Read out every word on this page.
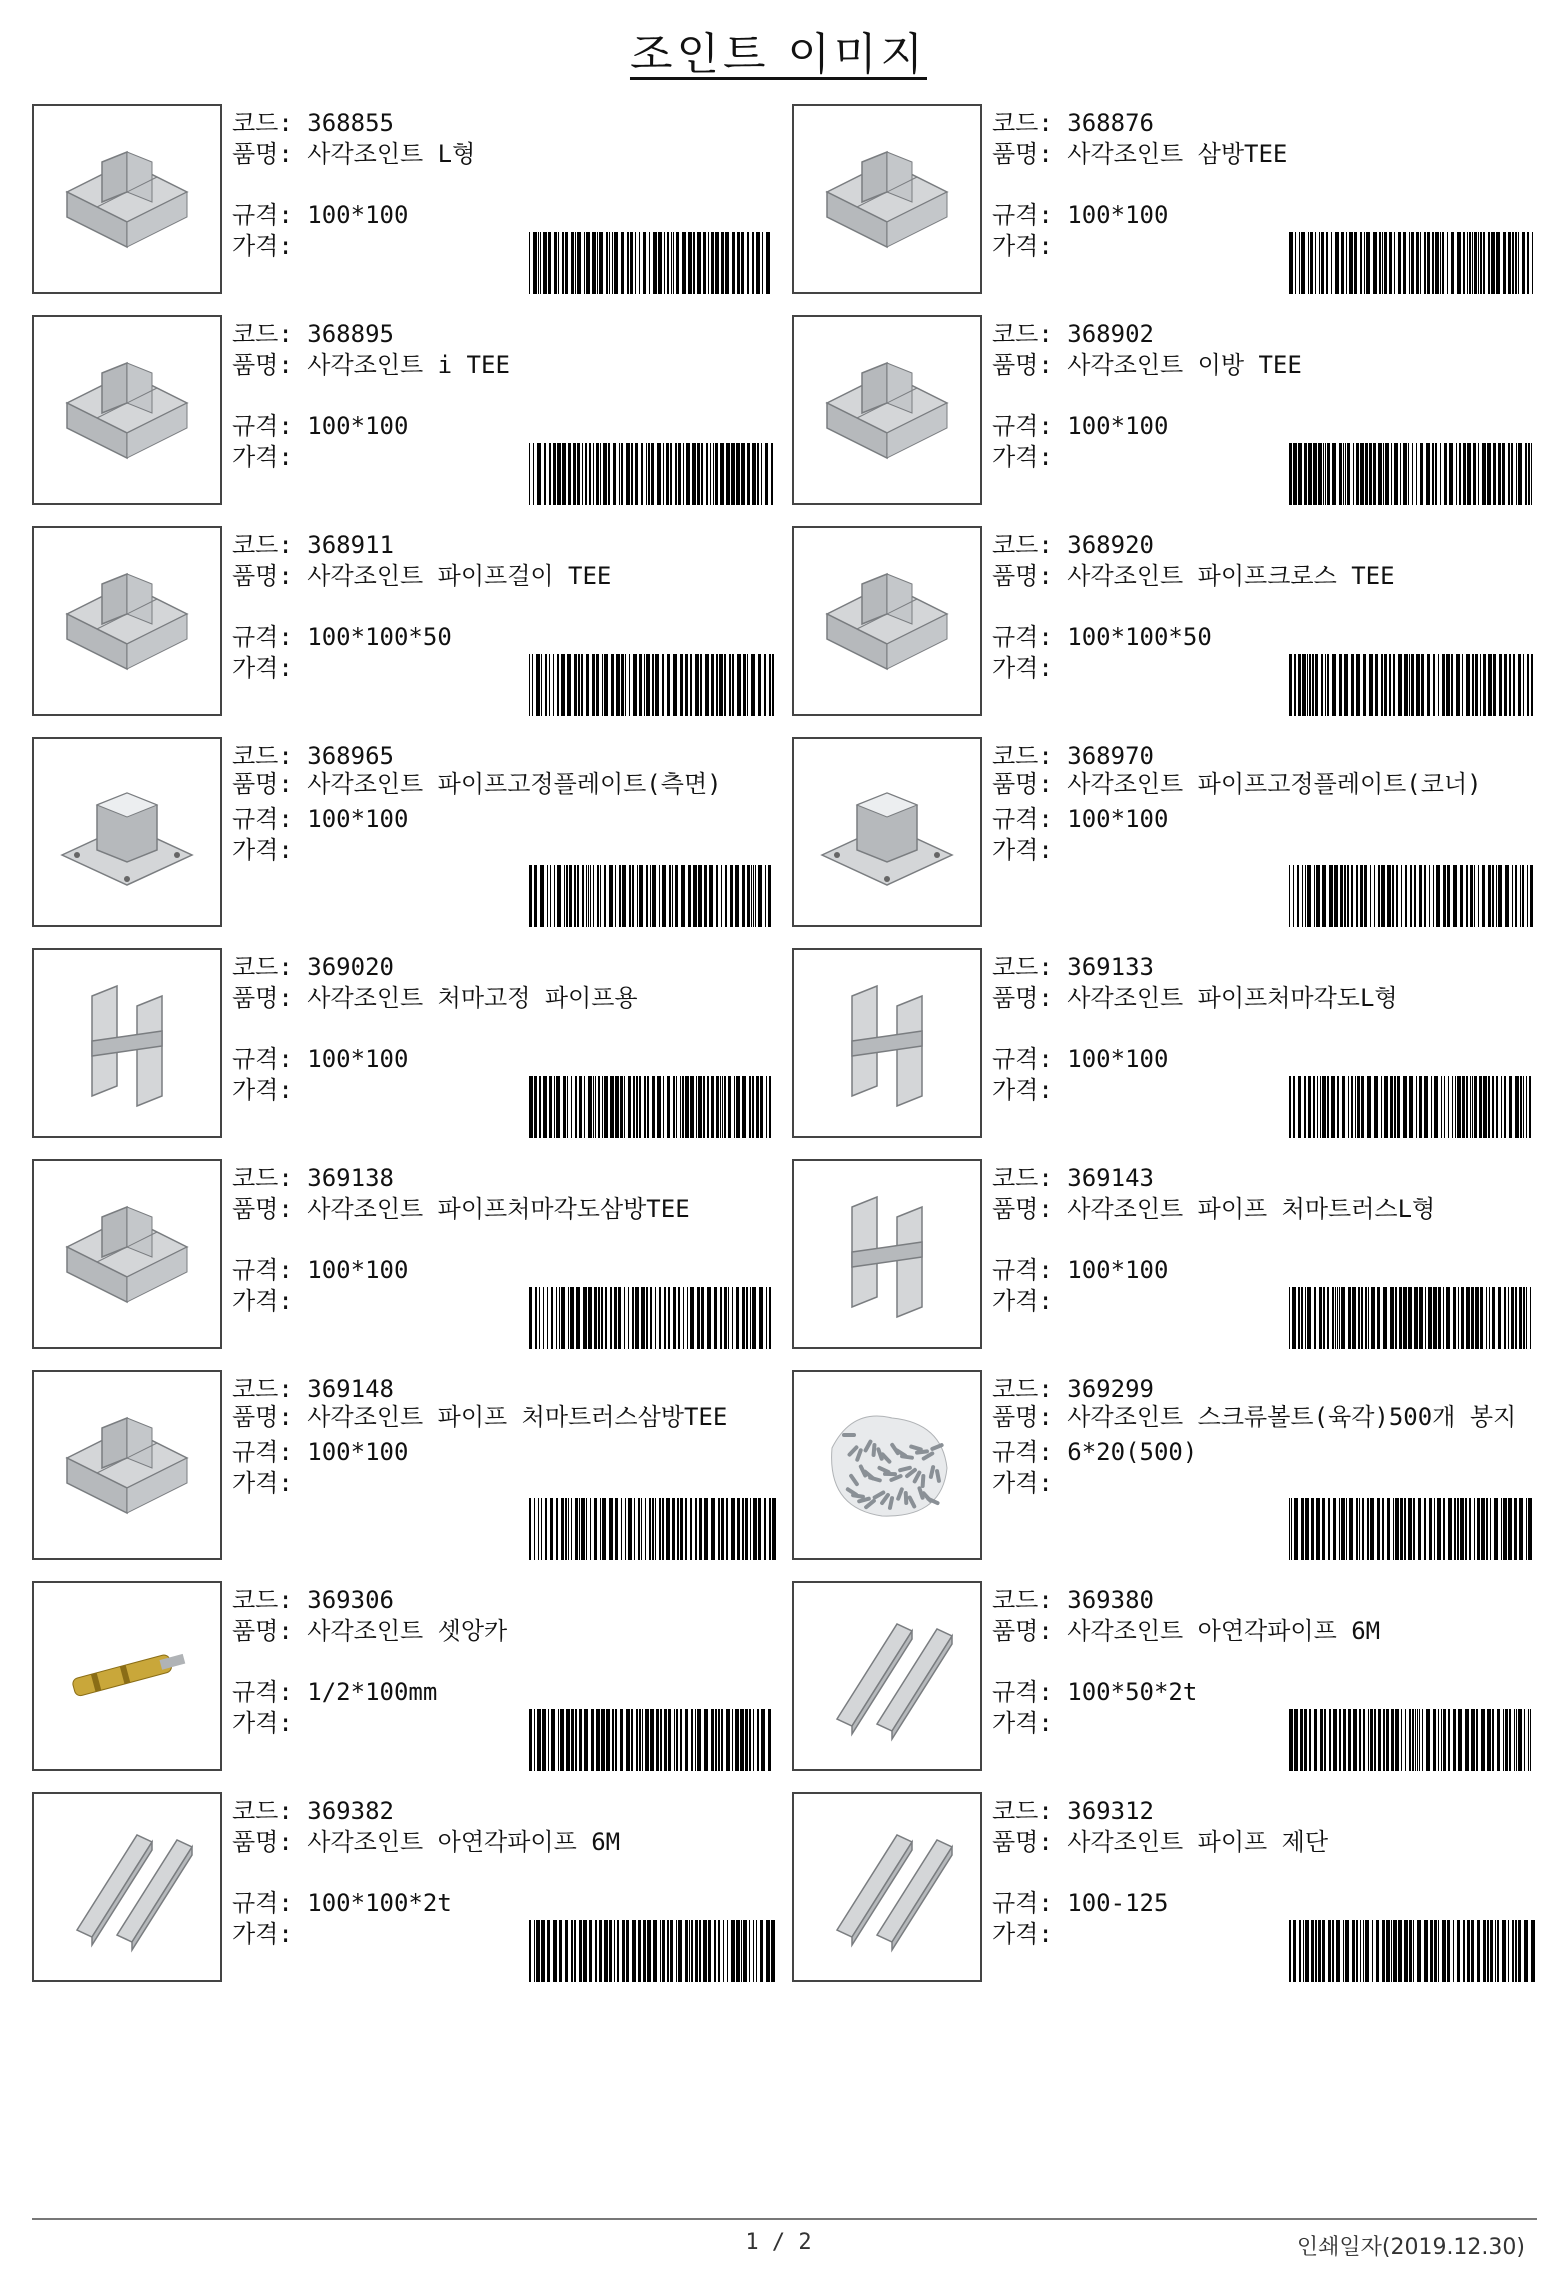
조인트 이미지
코드: 368855
품명: 사각조인트 L형
규격: 100*100
가격:
코드: 368876
품명: 사각조인트 삼방TEE
규격: 100*100
가격:
코드: 368895
품명: 사각조인트 i TEE
규격: 100*100
가격:
코드: 368902
품명: 사각조인트 이방 TEE
규격: 100*100
가격:
코드: 368911
품명: 사각조인트 파이프걸이 TEE
규격: 100*100*50
가격:
코드: 368920
품명: 사각조인트 파이프크로스 TEE
규격: 100*100*50
가격:
코드: 368965
품명: 사각조인트 파이프고정플레이트(측면)
규격: 100*100
가격:
코드: 368970
품명: 사각조인트 파이프고정플레이트(코너)
규격: 100*100
가격:
코드: 369020
품명: 사각조인트 처마고정 파이프용
규격: 100*100
가격:
코드: 369133
품명: 사각조인트 파이프처마각도L형
규격: 100*100
가격:
코드: 369138
품명: 사각조인트 파이프처마각도삼방TEE
규격: 100*100
가격:
코드: 369143
품명: 사각조인트 파이프 처마트러스L형
규격: 100*100
가격:
코드: 369148
품명: 사각조인트 파이프 처마트러스삼방TEE
규격: 100*100
가격:
코드: 369299
품명: 사각조인트 스크류볼트(육각)500개 봉지
규격: 6*20(500)
가격:
코드: 369306
품명: 사각조인트 셋앙카
규격: 1/2*100mm
가격:
코드: 369380
품명: 사각조인트 아연각파이프 6M
규격: 100*50*2t
가격:
코드: 369382
품명: 사각조인트 아연각파이프 6M
규격: 100*100*2t
가격:
코드: 369312
품명: 사각조인트 파이프 제단
규격: 100-125
가격:
1 / 2	인쇄일자(2019.12.30)
